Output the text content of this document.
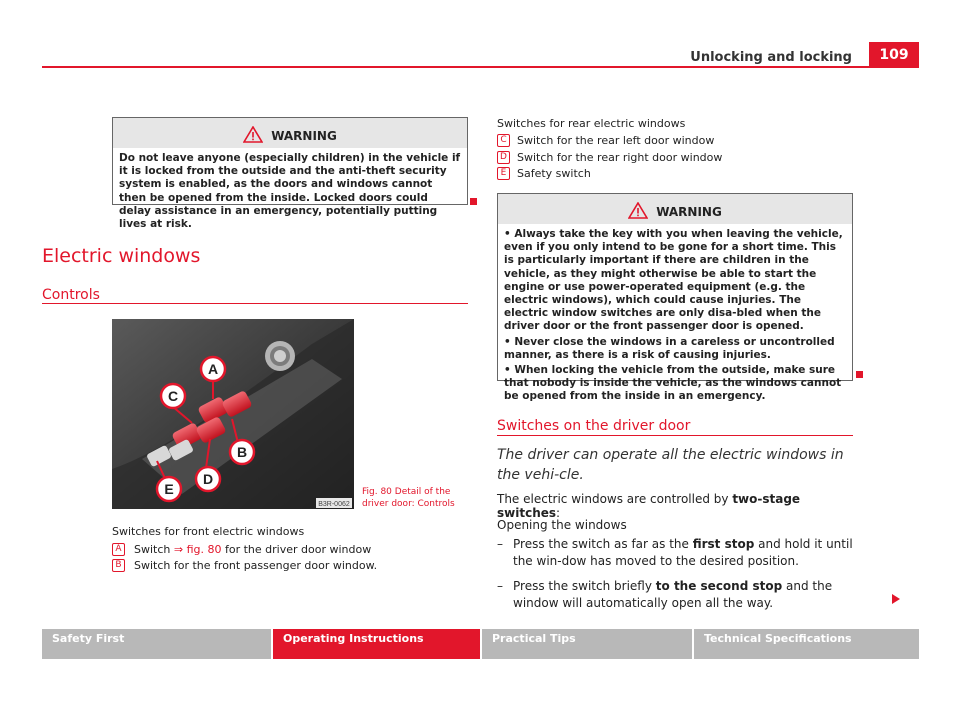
Unlocking and locking	109
WARNING

Do not leave anyone (especially children) in the vehicle if it is locked from the outside and the anti-theft security system is enabled, as the doors and windows cannot then be opened from the inside. Locked doors could delay assistance in an emergency, potentially putting lives at risk.

Electric windows
Controls
A
C
B
D
E
B3R-0062
Fig. 80 Detail of the
driver door: Controls
Switches for front electric windows
A	Switch ⇒ fig. 80 for the driver door window
B	Switch for the front passenger door window.
Switches for rear electric windows
C Switch for the rear left door window
D Switch for the rear right door window
E Safety switch
WARNING

• Always take the key with you when leaving the vehicle, even if you only intend to be gone for a short time. This is particularly important if there are children in the vehicle, as they might otherwise be able to start the engine or use power-operated equipment (e.g. the electric windows), which could cause injuries. The electric window switches are only disa-bled when the driver door or the front passenger door is opened.

• Never close the windows in a careless or uncontrolled manner, as there is a risk of causing injuries.

• When locking the vehicle from the outside, make sure that nobody is inside the vehicle, as the windows cannot be opened from the inside in an emergency.

Switches on the driver door
The driver can operate all the electric windows in the vehi-cle.
The electric windows are controlled by two-stage switches:
Opening the windows
– Press the switch as far as the first stop and hold it until the win-dow has moved to the desired position.
– Press the switch briefly to the second stop and the window will automatically open all the way.
Safety First	Operating Instructions	Practical Tips	Technical Specifications
